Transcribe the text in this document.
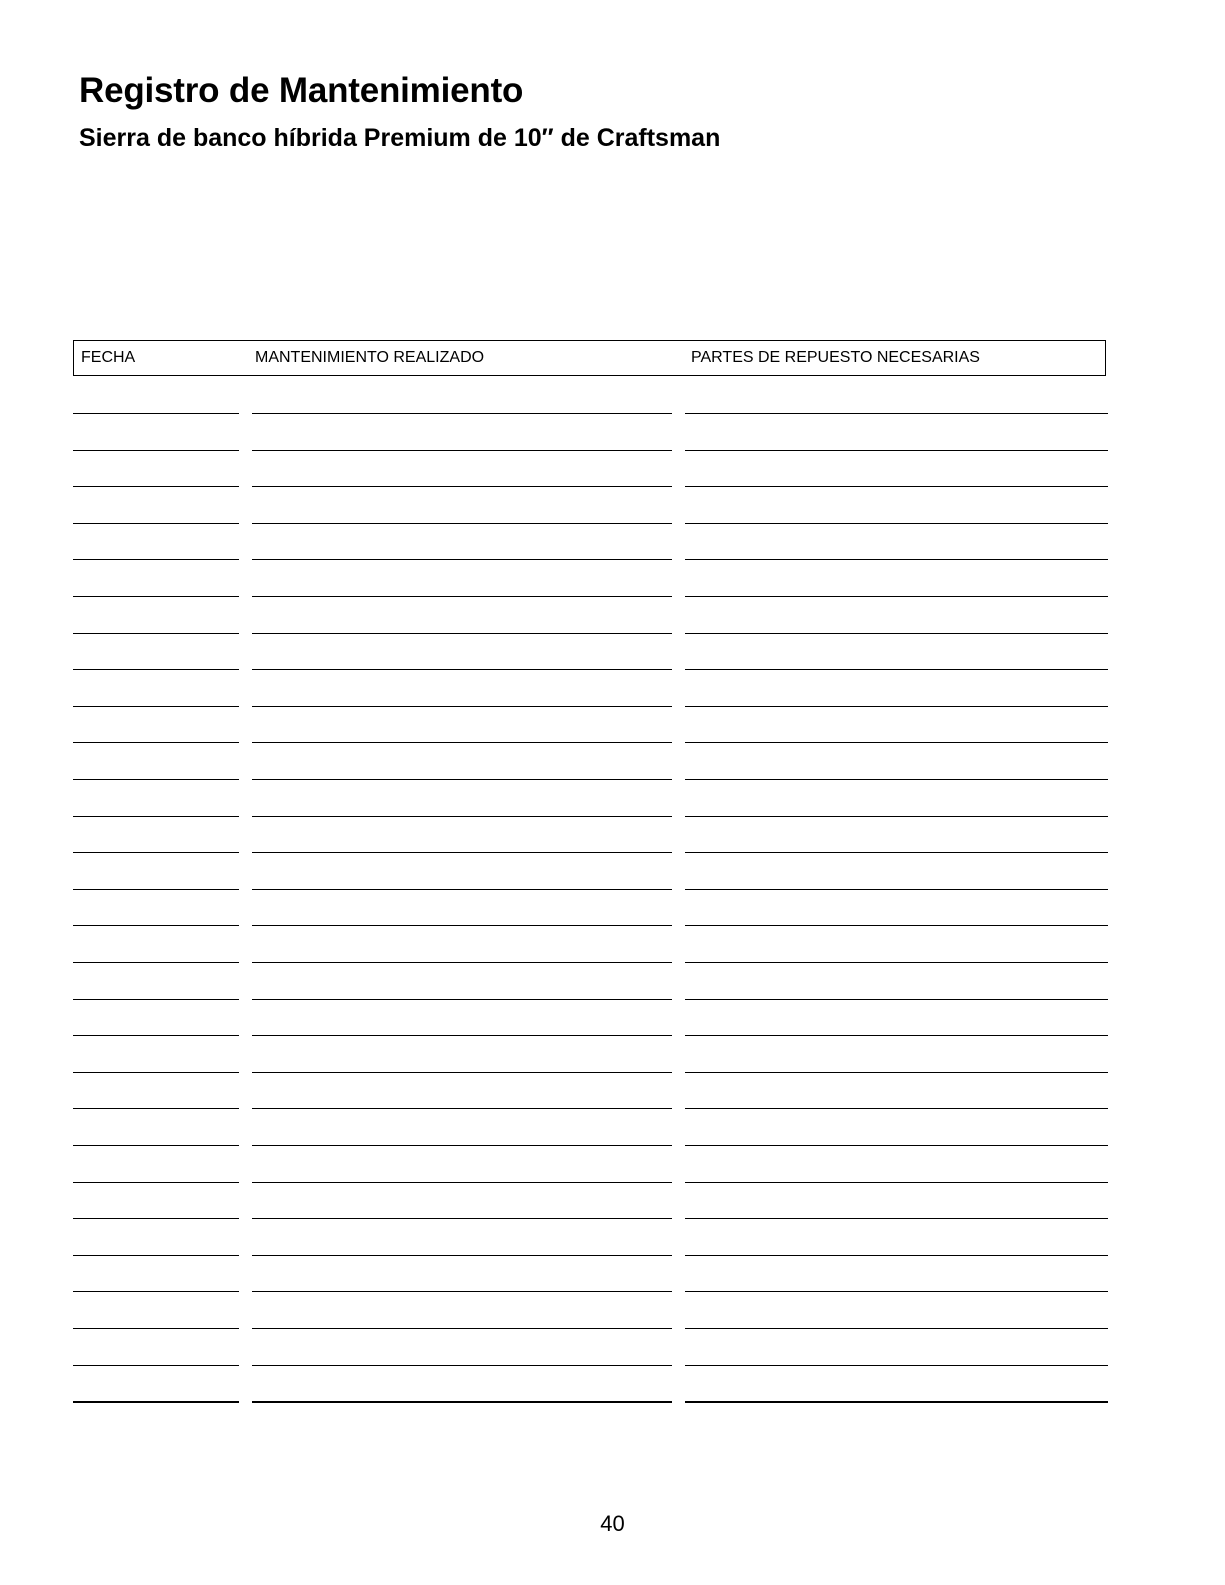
Registro de Mantenimiento
Sierra de banco híbrida Premium de 10″ de Craftsman
FECHA	MANTENIMIENTO REALIZADO	PARTES DE REPUESTO NECESARIAS
40
